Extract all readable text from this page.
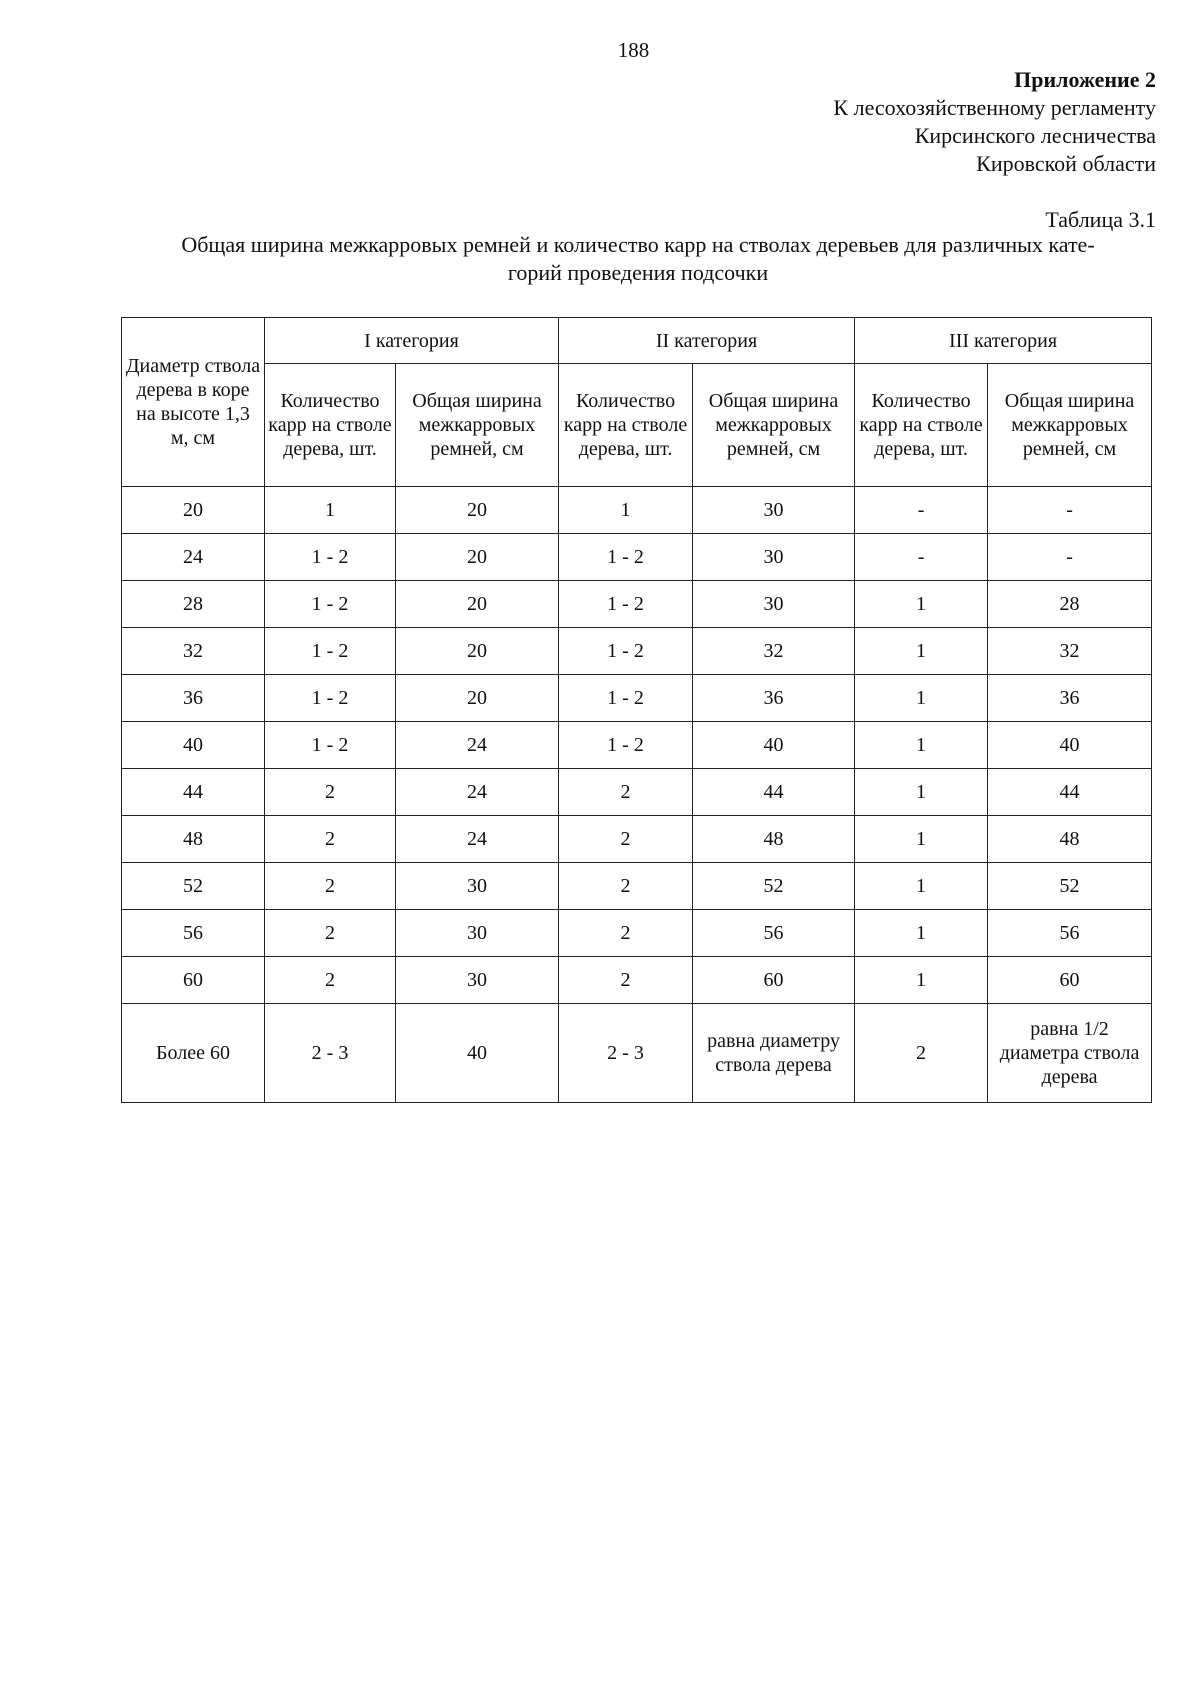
188
Приложение 2
К лесохозяйственному регламенту
Кирсинского лесничества
Кировской области
Таблица 3.1
Общая ширина межкарровых ремней и количество карр на стволах деревьев для различных кате-
горий проведения подсочки
Диаметр ствола дерева в коре на высоте 1,3 м, см	I категория		II категория		III категория	
	Количество карр на стволе дерева, шт.	Общая ширина межкарровых ремней, см	Количество карр на стволе дерева, шт.	Общая ширина межкарровых ремней, см	Количество карр на стволе дерева, шт.	Общая ширина межкарровых ремней, см
20	1	20	1	30	-	-
24	1 - 2	20	1 - 2	30	-	-
28	1 - 2	20	1 - 2	30	1	28
32	1 - 2	20	1 - 2	32	1	32
36	1 - 2	20	1 - 2	36	1	36
40	1 - 2	24	1 - 2	40	1	40
44	2	24	2	44	1	44
48	2	24	2	48	1	48
52	2	30	2	52	1	52
56	2	30	2	56	1	56
60	2	30	2	60	1	60
Более 60	2 - 3	40	2 - 3	равна диаметру ствола дерева	2	равна 1/2 диаметра ствола дерева
